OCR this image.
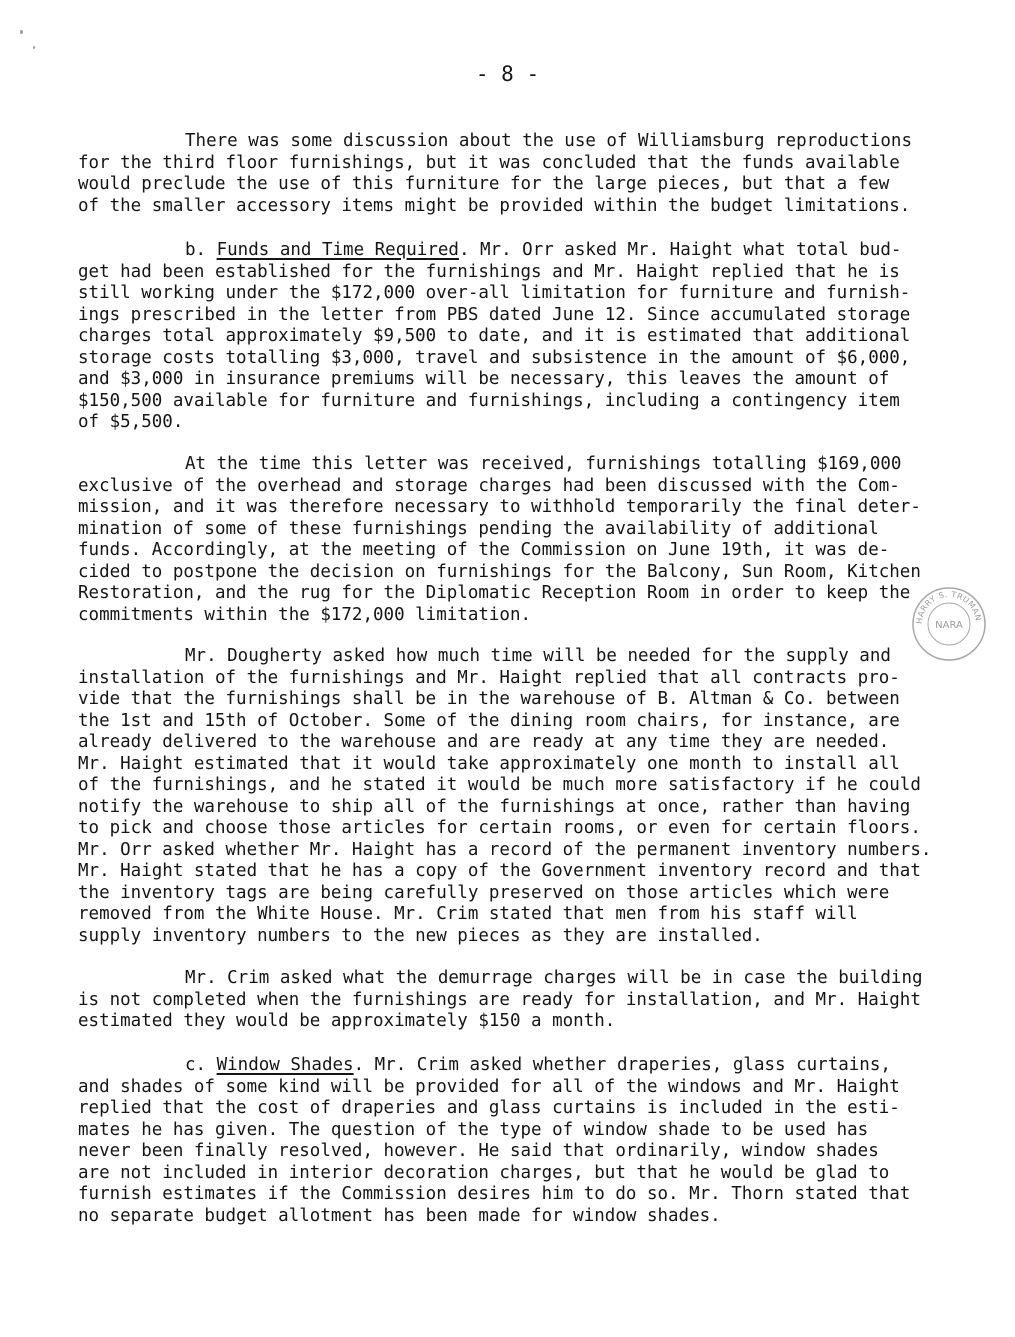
- 8 -
There was some discussion about the use of Williamsburg reproductions
for the third floor furnishings, but it was concluded that the funds available
would preclude the use of this furniture for the large pieces, but that a few
of the smaller accessory items might be provided within the budget limitations.
b. Funds and Time Required. Mr. Orr asked Mr. Haight what total bud-
get had been established for the furnishings and Mr. Haight replied that he is
still working under the $172,000 over-all limitation for furniture and furnish-
ings prescribed in the letter from PBS dated June 12. Since accumulated storage
charges total approximately $9,500 to date, and it is estimated that additional
storage costs totalling $3,000, travel and subsistence in the amount of $6,000,
and $3,000 in insurance premiums will be necessary, this leaves the amount of
$150,500 available for furniture and furnishings, including a contingency item
of $5,500.
At the time this letter was received, furnishings totalling $169,000
exclusive of the overhead and storage charges had been discussed with the Com-
mission, and it was therefore necessary to withhold temporarily the final deter-
mination of some of these furnishings pending the availability of additional
funds. Accordingly, at the meeting of the Commission on June 19th, it was de-
cided to postpone the decision on furnishings for the Balcony, Sun Room, Kitchen
Restoration, and the rug for the Diplomatic Reception Room in order to keep the
commitments within the $172,000 limitation.
Mr. Dougherty asked how much time will be needed for the supply and
installation of the furnishings and Mr. Haight replied that all contracts pro-
vide that the furnishings shall be in the warehouse of B. Altman & Co. between
the 1st and 15th of October. Some of the dining room chairs, for instance, are
already delivered to the warehouse and are ready at any time they are needed.
Mr. Haight estimated that it would take approximately one month to install all
of the furnishings, and he stated it would be much more satisfactory if he could
notify the warehouse to ship all of the furnishings at once, rather than having
to pick and choose those articles for certain rooms, or even for certain floors.
Mr. Orr asked whether Mr. Haight has a record of the permanent inventory numbers.
Mr. Haight stated that he has a copy of the Government inventory record and that
the inventory tags are being carefully preserved on those articles which were
removed from the White House. Mr. Crim stated that men from his staff will
supply inventory numbers to the new pieces as they are installed.
Mr. Crim asked what the demurrage charges will be in case the building
is not completed when the furnishings are ready for installation, and Mr. Haight
estimated they would be approximately $150 a month.
c. Window Shades. Mr. Crim asked whether draperies, glass curtains,
and shades of some kind will be provided for all of the windows and Mr. Haight
replied that the cost of draperies and glass curtains is included in the esti-
mates he has given. The question of the type of window shade to be used has
never been finally resolved, however. He said that ordinarily, window shades
are not included in interior decoration charges, but that he would be glad to
furnish estimates if the Commission desires him to do so. Mr. Thorn stated that
no separate budget allotment has been made for window shades.
HARRY S. TRUMAN
NARA
